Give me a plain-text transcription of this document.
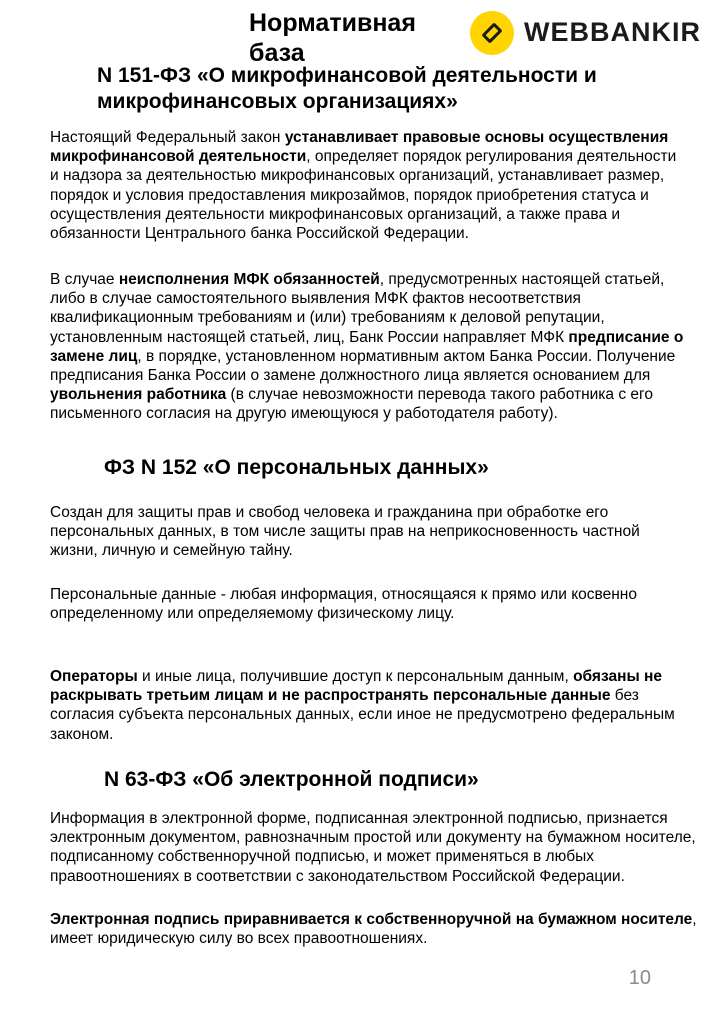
Нормативная база
WEBBANKIR
N 151-ФЗ «О микрофинансовой деятельности и микрофинансовых организациях»
Настоящий Федеральный закон устанавливает правовые основы осуществления микрофинансовой деятельности, определяет порядок регулирования деятельности и надзора за деятельностью микрофинансовых организаций, устанавливает размер, порядок и условия предоставления микрозаймов, порядок приобретения статуса и осуществления деятельности микрофинансовых организаций, а также права и обязанности Центрального банка Российской Федерации.
В случае неисполнения МФК обязанностей, предусмотренных настоящей статьей, либо в случае самостоятельного выявления МФК фактов несоответствия квалификационным требованиям и (или) требованиям к деловой репутации, установленным настоящей статьей, лиц, Банк России направляет МФК предписание о замене лиц, в порядке, установленном нормативным актом Банка России. Получение предписания Банка России о замене должностного лица является основанием для увольнения работника (в случае невозможности перевода такого работника с его письменного согласия на другую имеющуюся у работодателя работу).
ФЗ N 152 «О персональных данных»
Создан для защиты прав и свобод человека и гражданина при обработке его персональных данных, в том числе защиты прав на неприкосновенность частной жизни, личную и семейную тайну.
Персональные данные - любая информация, относящаяся к прямо или косвенно определенному или определяемому физическому лицу.
Операторы и иные лица, получившие доступ к персональным данным, обязаны не раскрывать третьим лицам и не распространять персональные данные без согласия субъекта персональных данных, если иное не предусмотрено федеральным законом.
N 63-ФЗ «Об электронной подписи»
Информация в электронной форме, подписанная электронной подписью, признается электронным документом, равнозначным простой или документу на бумажном носителе, подписанному собственноручной подписью, и может применяться в любых правоотношениях в соответствии с законодательством Российской Федерации.
Электронная подпись приравнивается к собственноручной на бумажном носителе, имеет юридическую силу во всех правоотношениях.
10
